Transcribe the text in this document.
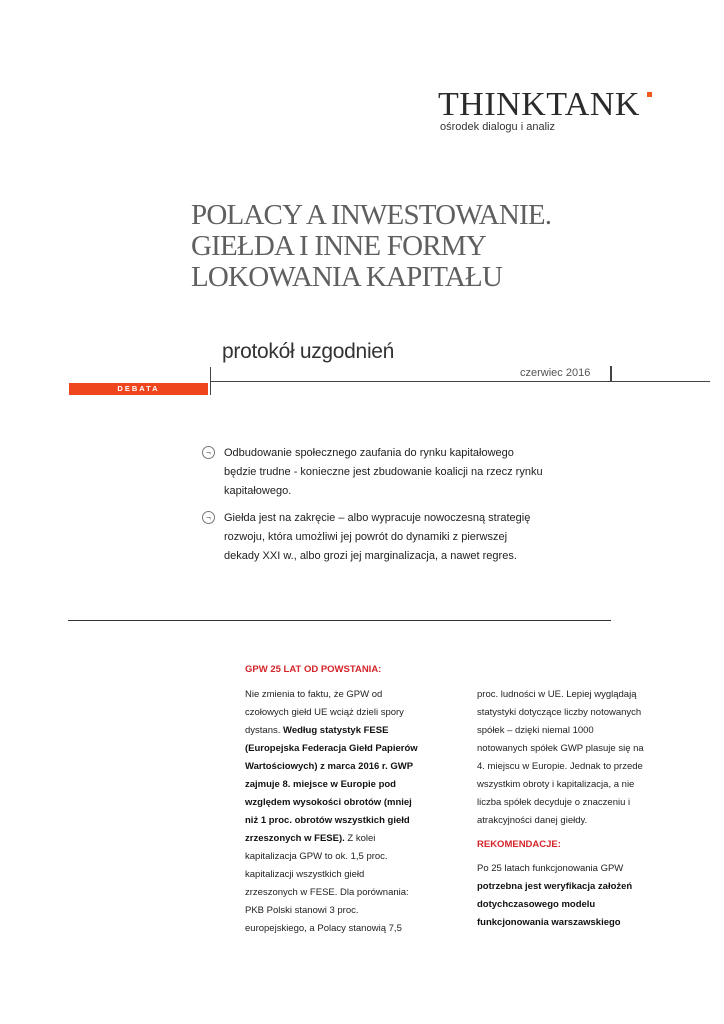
THINKTANK
ośrodek dialogu i analiz
POLACY A INWESTOWANIE.
GIEŁDA I INNE FORMY
LOKOWANIA KAPITAŁU
protokół uzgodnień
czerwiec 2016
DEBATA
¬	Odbudowanie społecznego zaufania do rynku kapitałowego będzie trudne - konieczne jest zbudowanie koalicji na rzecz rynku kapitałowego.
¬	Giełda jest na zakręcie – albo wypracuje nowoczesną strategię rozwoju, która umożliwi jej powrót do dynamiki z pierwszej dekady XXI w., albo grozi jej marginalizacja, a nawet regres.
GPW 25 LAT OD POWSTANIA:
Nie zmienia to faktu, że GPW od
czołowych giełd UE wciąż dzieli spory
dystans. Według statystyk FESE
(Europejska Federacja Giełd Papierów
Wartościowych) z marca 2016 r. GWP
zajmuje 8. miejsce w Europie pod
względem wysokości obrotów (mniej
niż 1 proc. obrotów wszystkich giełd
zrzeszonych w FESE). Z kolei
kapitalizacja GPW to ok. 1,5 proc.
kapitalizacji wszystkich giełd
zrzeszonych w FESE. Dla porównania:
PKB Polski stanowi 3 proc.
europejskiego, a Polacy stanowią 7,5
proc. ludności w UE. Lepiej wyglądają
statystyki dotyczące liczby notowanych
spółek – dzięki niemal 1000
notowanych spółek GWP plasuje się na
4. miejscu w Europie. Jednak to przede
wszystkim obroty i kapitalizacja, a nie
liczba spółek decyduje o znaczeniu i
atrakcyjności danej giełdy.
REKOMENDACJE:
Po 25 latach funkcjonowania GPW
potrzebna jest weryfikacja założeń
dotychczasowego modelu
funkcjonowania warszawskiego
